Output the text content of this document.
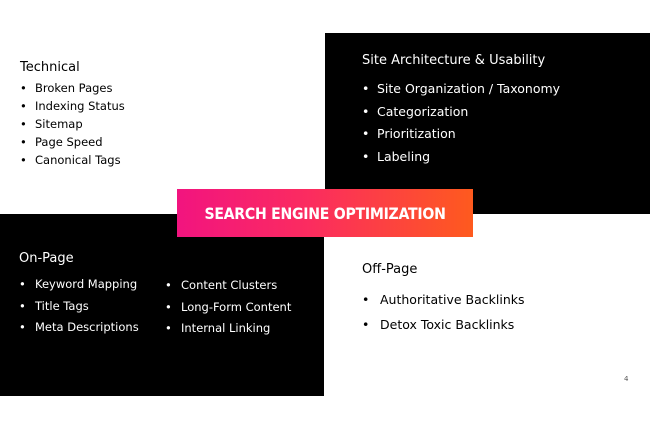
Technical
• Broken Pages
• Indexing Status
• Sitemap
• Page Speed
• Canonical Tags
Site Architecture & Usability
• Site Organization / Taxonomy
• Categorization
• Prioritization
• Labeling
On-Page
• Keyword Mapping
• Title Tags
• Meta Descriptions
• Content Clusters
• Long-Form Content
• Internal Linking
Off-Page
• Authoritative Backlinks
• Detox Toxic Backlinks
SEARCH ENGINE OPTIMIZATION
4
